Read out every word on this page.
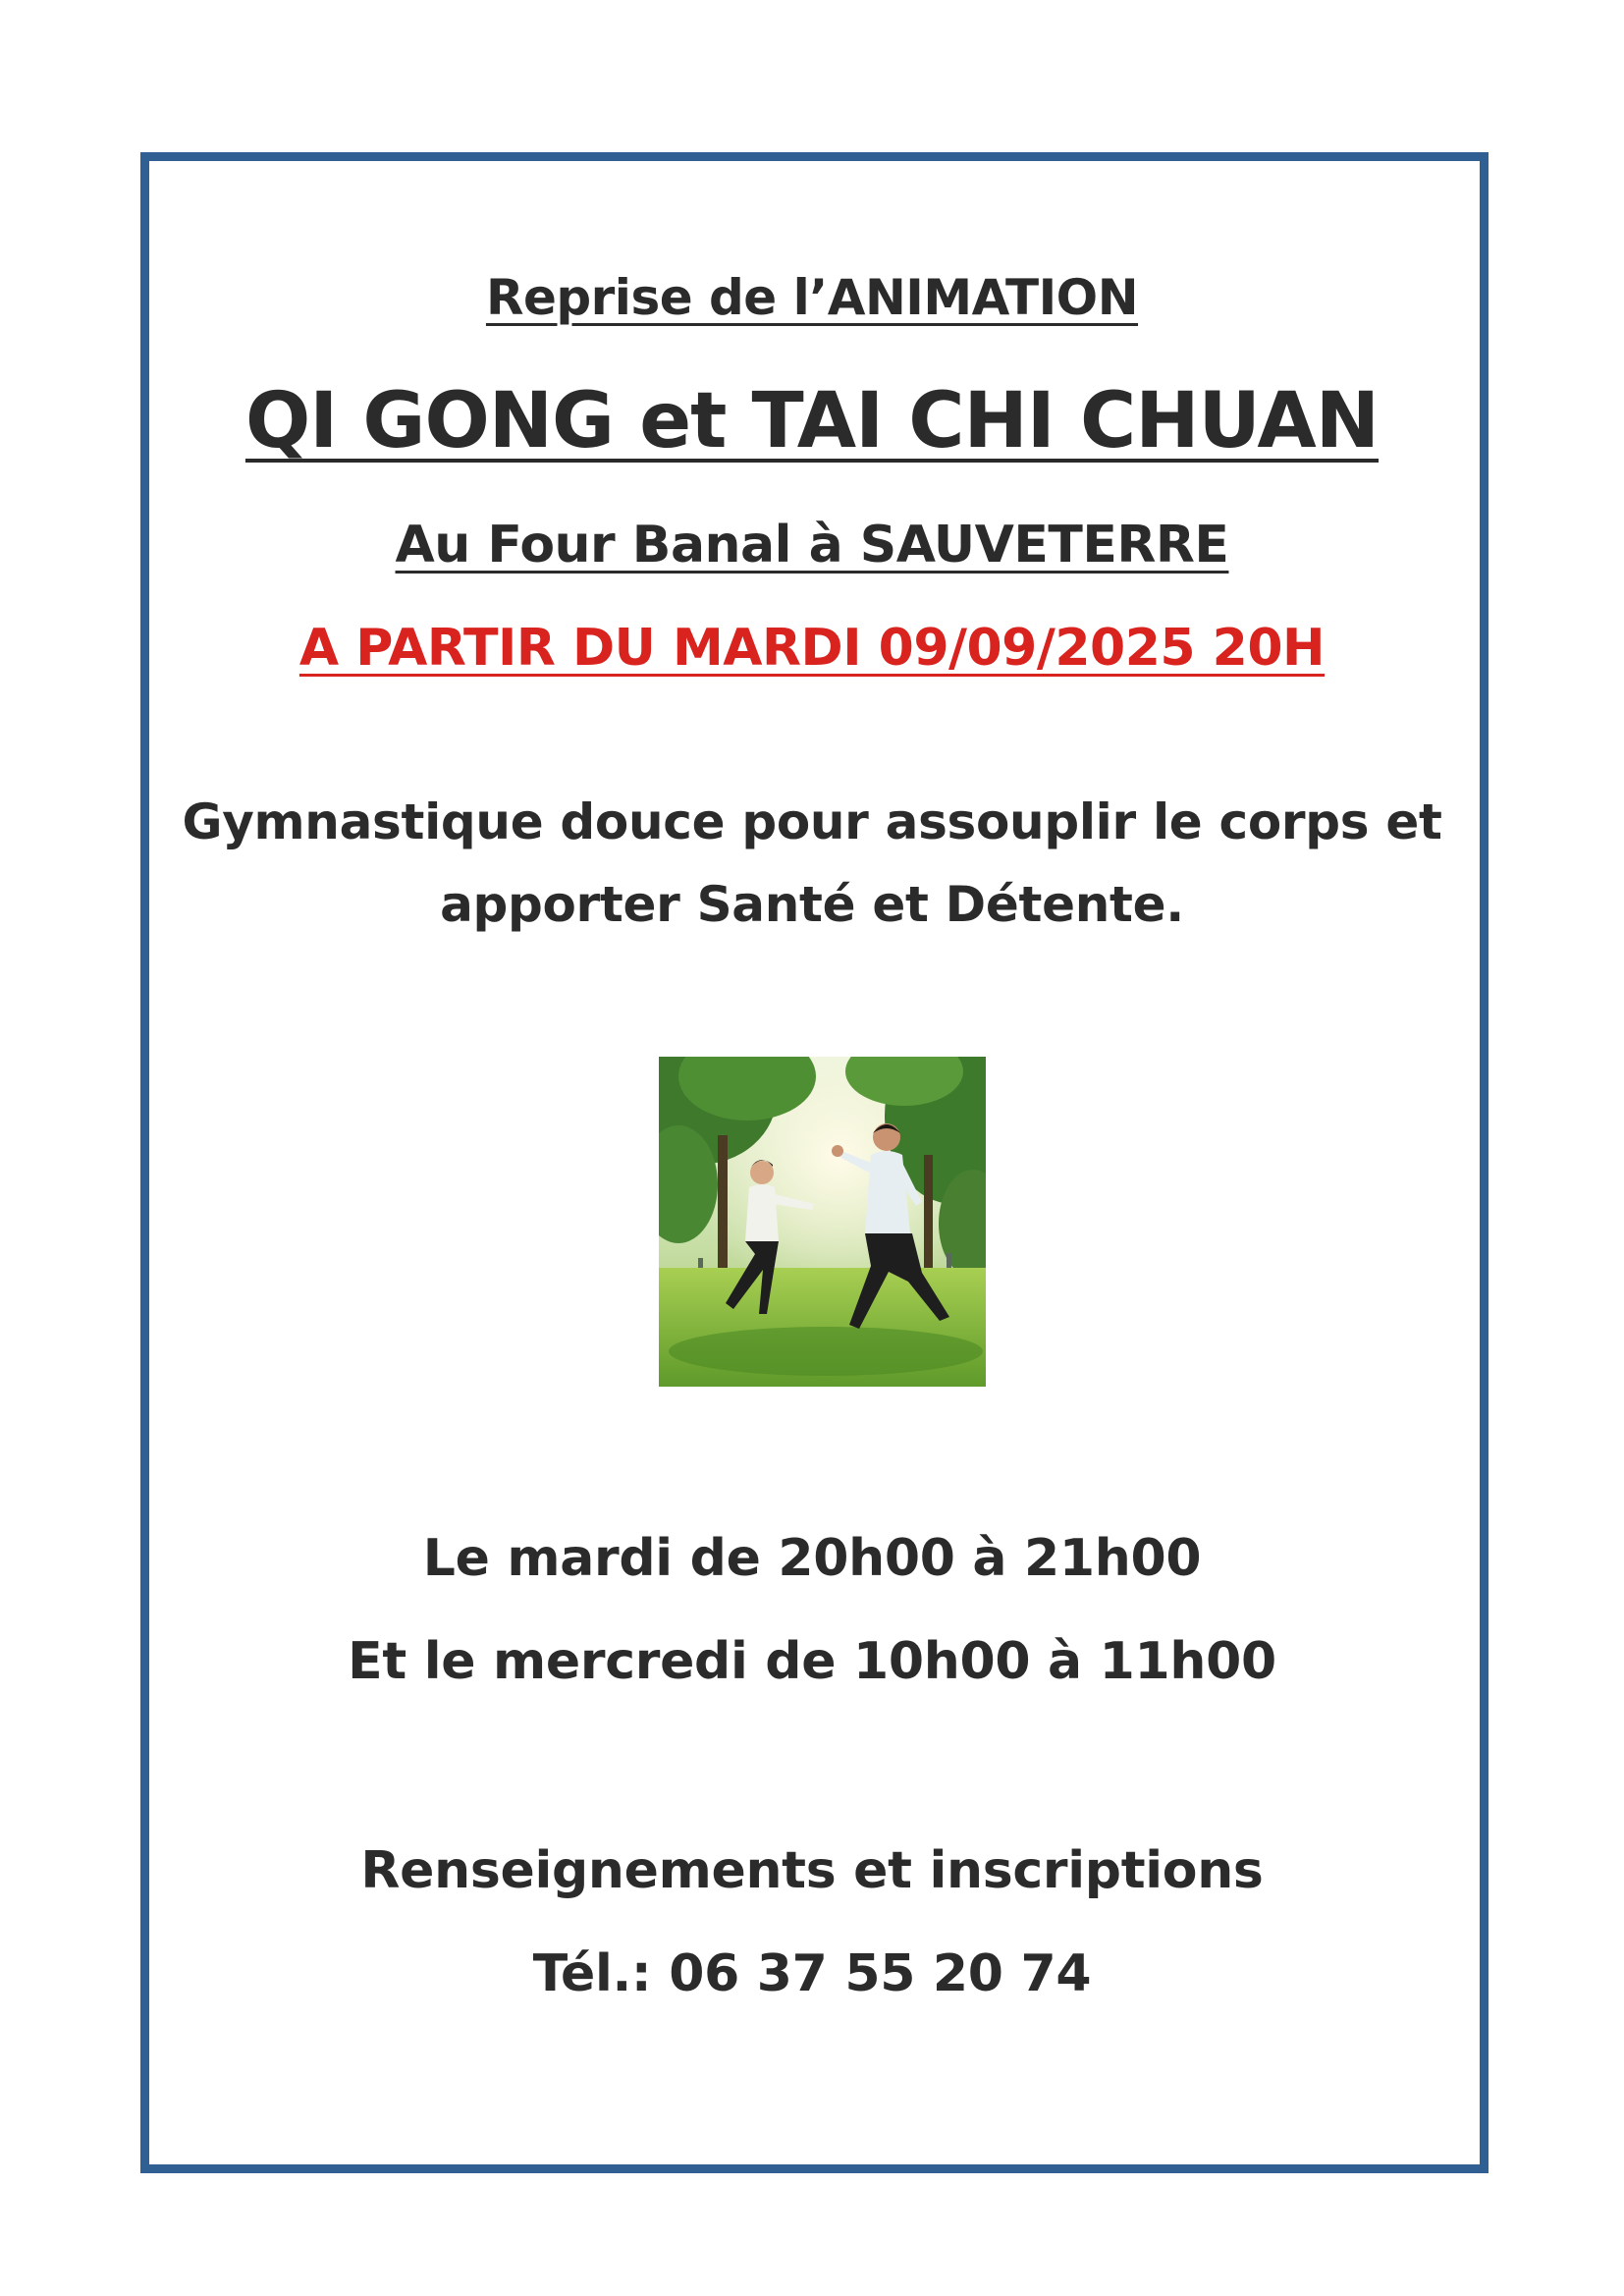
Reprise de l’ANIMATION
QI GONG et TAI CHI CHUAN
Au Four Banal à SAUVETERRE
A PARTIR DU MARDI 09/09/2025 20H
Gymnastique douce pour assouplir le corps et
apporter Santé et Détente.
Le mardi de 20h00 à 21h00
Et le mercredi de 10h00 à 11h00
Renseignements et inscriptions
Tél.: 06 37 55 20 74
